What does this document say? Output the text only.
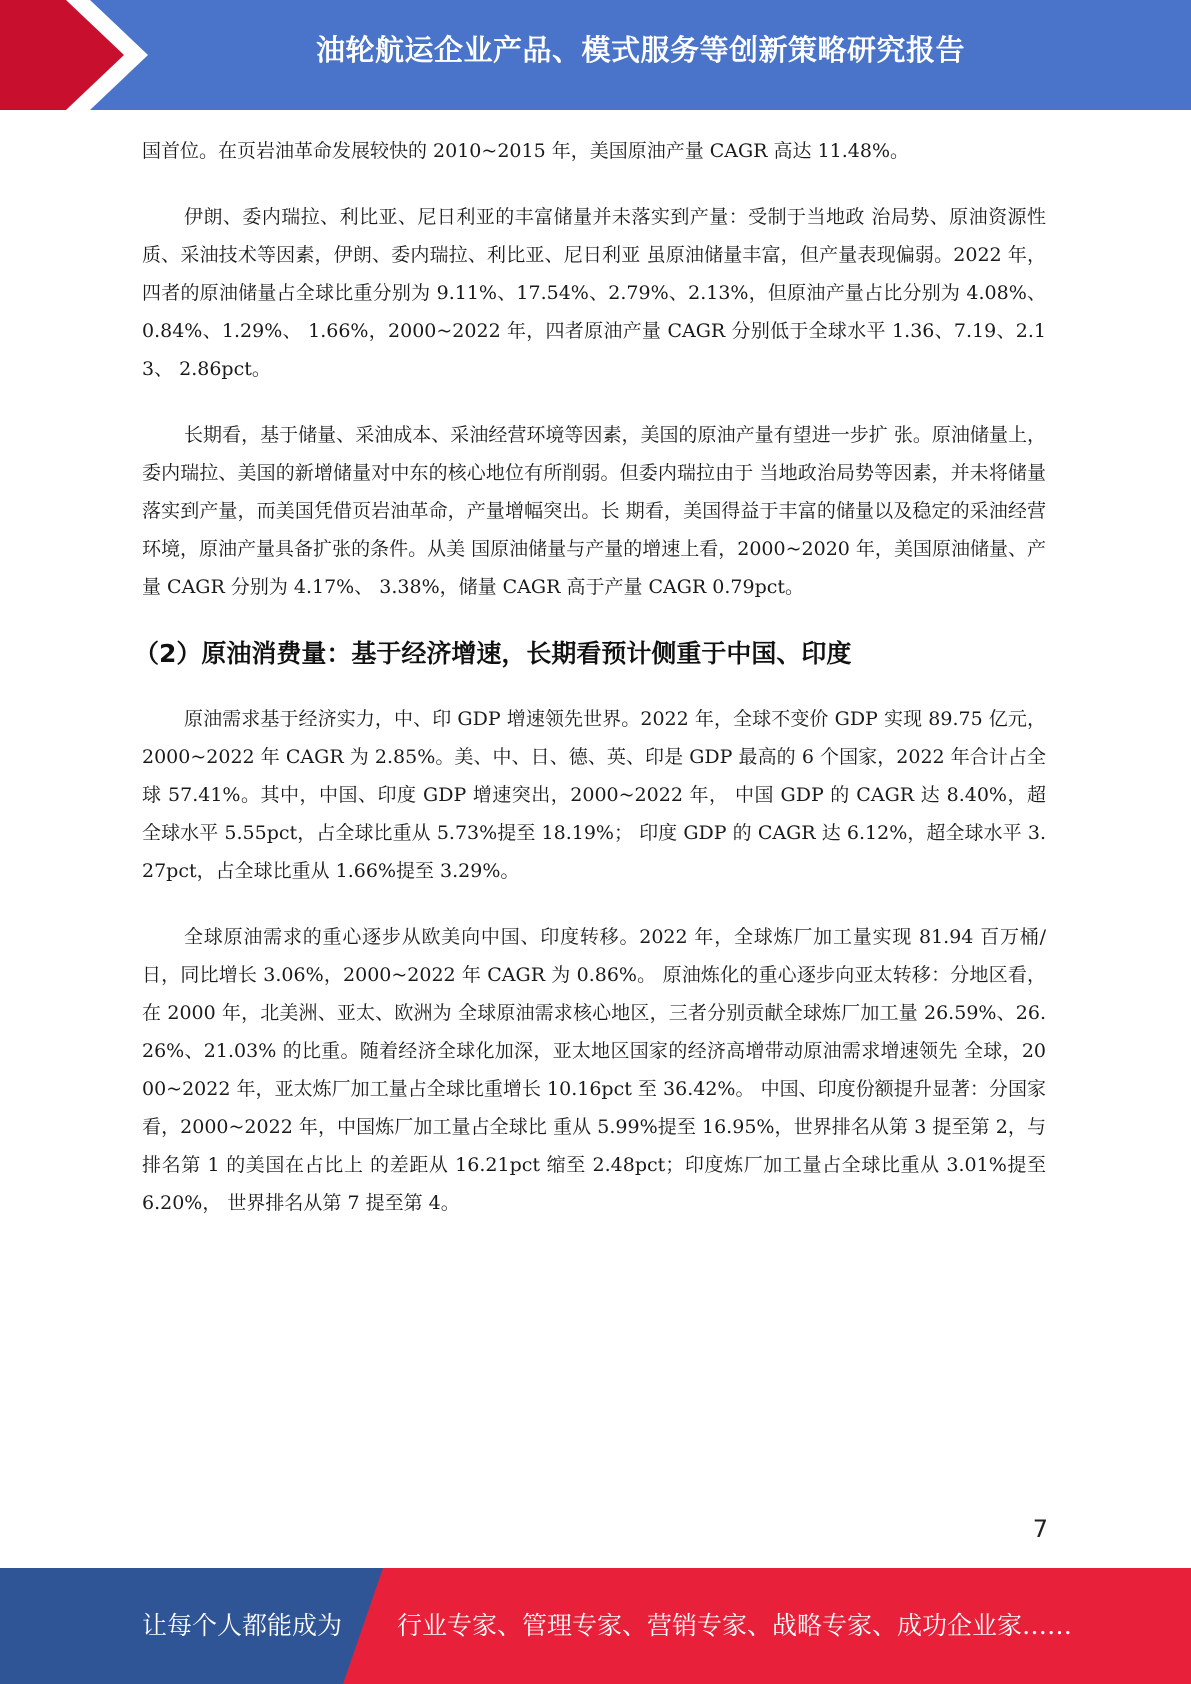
油轮航运企业产品、模式服务等创新策略研究报告

国首位。在页岩油革命发展较快的 2010~2015 年，美国原油产量 CAGR 高达 11.48%。

伊朗、委内瑞拉、利比亚、尼日利亚的丰富储量并未落实到产量：受制于当地政 治局势、原油资源性质、采油技术等因素，伊朗、委内瑞拉、利比亚、尼日利亚 虽原油储量丰富，但产量表现偏弱。2022 年，四者的原油储量占全球比重分别为 9.11%、17.54%、2.79%、2.13%，但原油产量占比分别为 4.08%、0.84%、1.29%、 1.66%，2000~2022 年，四者原油产量 CAGR 分别低于全球水平 1.36、7.19、2.13、 2.86pct。

长期看，基于储量、采油成本、采油经营环境等因素，美国的原油产量有望进一步扩 张。原油储量上，委内瑞拉、美国的新增储量对中东的核心地位有所削弱。但委内瑞拉由于 当地政治局势等因素，并未将储量落实到产量，而美国凭借页岩油革命，产量增幅突出。长 期看，美国得益于丰富的储量以及稳定的采油经营环境，原油产量具备扩张的条件。从美 国原油储量与产量的增速上看，2000~2020 年，美国原油储量、产量 CAGR 分别为 4.17%、 3.38%，储量 CAGR 高于产量 CAGR 0.79pct。

（2）原油消费量：基于经济增速，长期看预计侧重于中国、印度

原油需求基于经济实力，中、印 GDP 增速领先世界。2022 年，全球不变价 GDP 实现 89.75 亿元，2000~2022 年 CAGR 为 2.85%。美、中、日、德、英、印是 GDP 最高的 6 个国家，2022 年合计占全球 57.41%。其中，中国、印度 GDP 增速突出，2000~2022 年， 中国 GDP 的 CAGR 达 8.40%，超全球水平 5.55pct，占全球比重从 5.73%提至 18.19%； 印度 GDP 的 CAGR 达 6.12%，超全球水平 3.27pct，占全球比重从 1.66%提至 3.29%。

全球原油需求的重心逐步从欧美向中国、印度转移。2022 年，全球炼厂加工量实现 81.94 百万桶/日，同比增长 3.06%，2000~2022 年 CAGR 为 0.86%。 原油炼化的重心逐步向亚太转移：分地区看，在 2000 年，北美洲、亚太、欧洲为 全球原油需求核心地区，三者分别贡献全球炼厂加工量 26.59%、26.26%、21.03% 的比重。随着经济全球化加深，亚太地区国家的经济高增带动原油需求增速领先 全球，2000~2022 年，亚太炼厂加工量占全球比重增长 10.16pct 至 36.42%。 中国、印度份额提升显著：分国家看，2000~2022 年，中国炼厂加工量占全球比 重从 5.99%提至 16.95%，世界排名从第 3 提至第 2，与排名第 1 的美国在占比上 的差距从 16.21pct 缩至 2.48pct；印度炼厂加工量占全球比重从 3.01%提至 6.20%， 世界排名从第 7 提至第 4。

7
让每个人都能成为 行业专家、管理专家、营销专家、战略专家、成功企业家……
